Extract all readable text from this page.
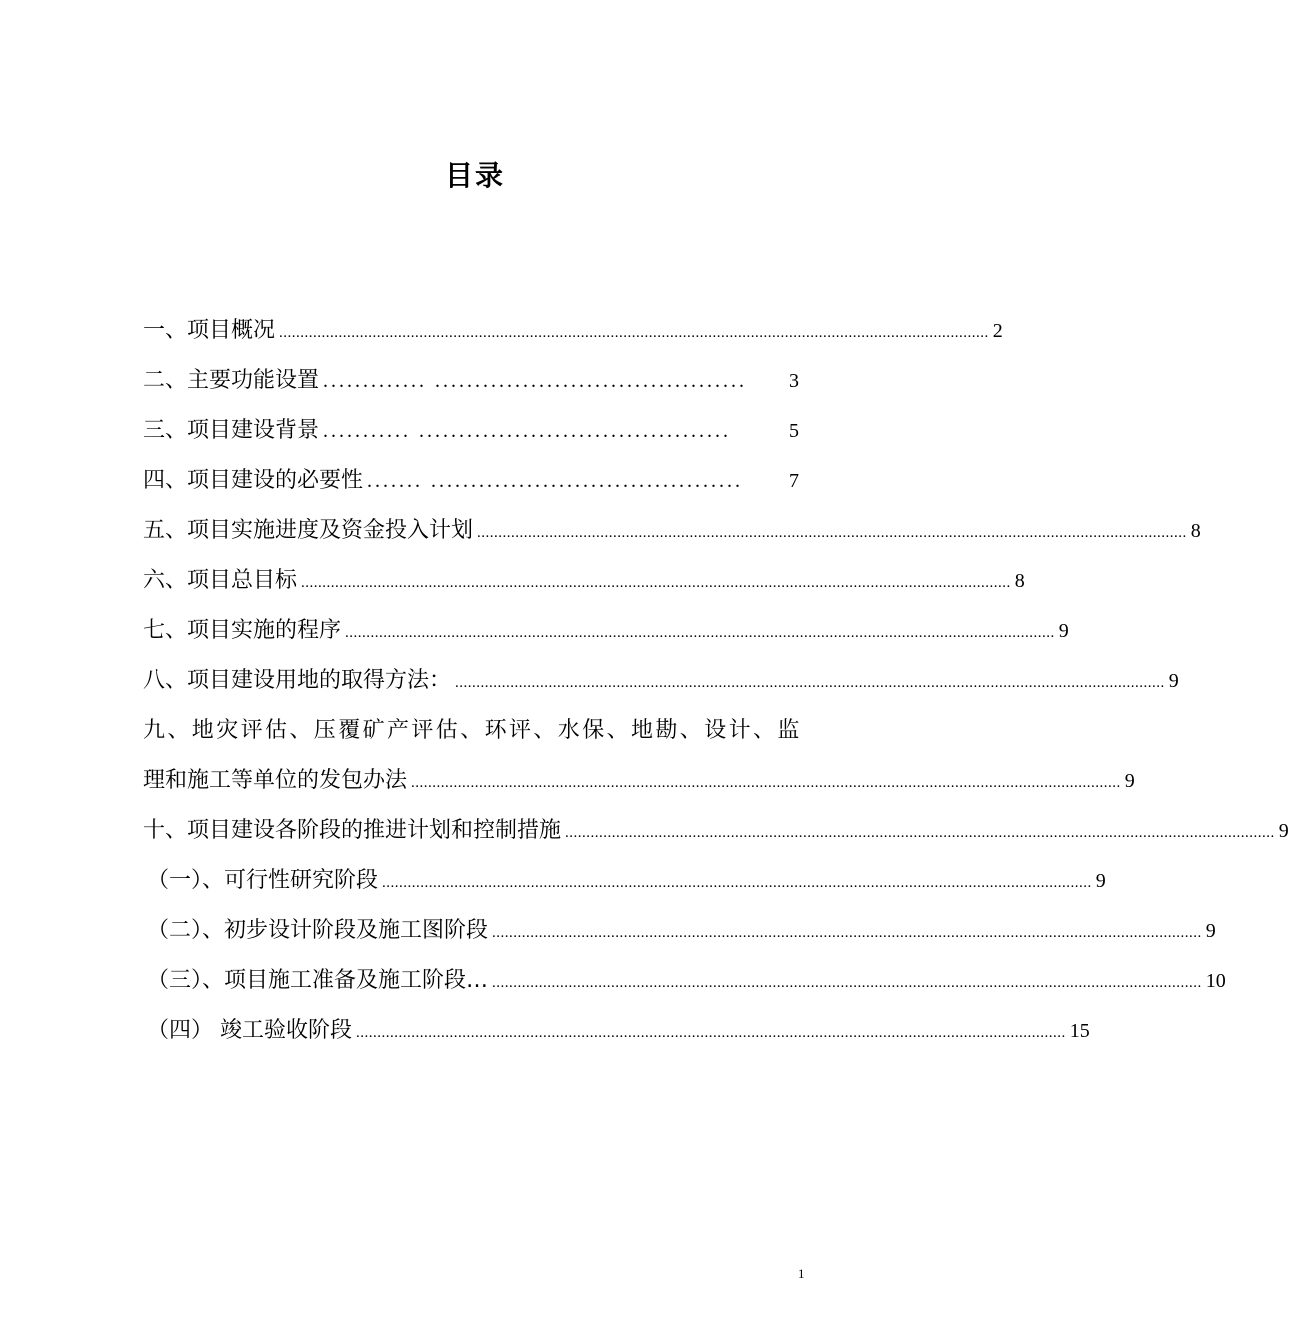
目录
一、项目概况 ....................................................................................................................................................................... 2
二、主要功能设置 ............. .......................................	3
三、项目建设背景 ........... .......................................	5
四、项目建设的必要性 ....... .......................................	7
五、项目实施进度及资金投入计划 ....................................................................................................................................................................... 8
六、项目总目标 ....................................................................................................................................................................... 8
七、项目实施的程序 ....................................................................................................................................................................... 9
八、项目建设用地的取得方法： ....................................................................................................................................................................... 9
九、地灾评估、压覆矿产评估、环评、水保、地勘、设计、监
理和施工等单位的发包办法 ....................................................................................................................................................................... 9
十、项目建设各阶段的推进计划和控制措施 ....................................................................................................................................................................... 9
（一）、可行性研究阶段 ....................................................................................................................................................................... 9
（二）、初步设计阶段及施工图阶段 ....................................................................................................................................................................... 9
（三）、项目施工准备及施工阶段… ....................................................................................................................................................................... 10
（四） 竣工验收阶段 ....................................................................................................................................................................... 15
1
